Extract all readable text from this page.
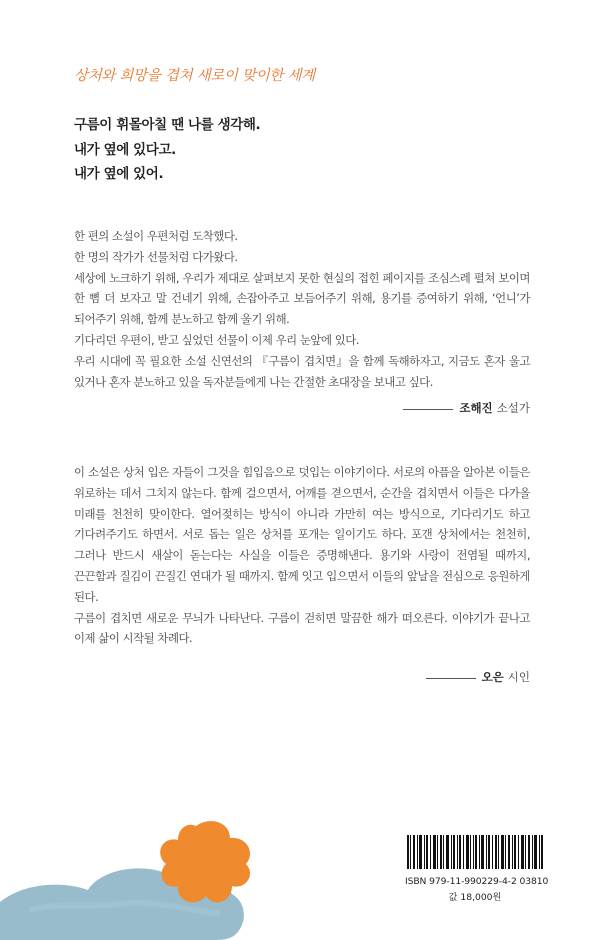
상처와 희망을 겹쳐 새로이 맞이한 세계
구름이 휘몰아칠 땐 나를 생각해.
내가 옆에 있다고.
내가 옆에 있어.

한 편의 소설이 우편처럼 도착했다.

한 명의 작가가 선물처럼 다가왔다.

세상에 노크하기 위해, 우리가 제대로 살펴보지 못한 현실의 접힌 페이지를 조심스레 펼쳐 보이며 한 뼘 더 보자고 말 건네기 위해, 손잡아주고 보듬어주기 위해, 용기를 증여하기 위해, ‘언니’가 되어주기 위해, 함께 분노하고 함께 울기 위해.

기다리던 우편이, 받고 싶었던 선물이 이제 우리 눈앞에 있다.

우리 시대에 꼭 필요한 소설 신연선의 『구름이 겹치면』을 함께 독해하자고, 지금도 혼자 울고 있거나 혼자 분노하고 있을 독자분들에게 나는 간절한 초대장을 보내고 싶다.

조해진 소설가

이 소설은 상처 입은 자들이 그것을 힘입음으로 덧입는 이야기이다. 서로의 아픔을 알아본 이들은 위로하는 데서 그치지 않는다. 함께 걸으면서, 어깨를 겯으면서, 순간을 겹치면서 이들은 다가올 미래를 천천히 맞이한다. 열어젖히는 방식이 아니라 가만히 여는 방식으로, 기다리기도 하고 기다려주기도 하면서. 서로 돕는 일은 상처를 포개는 일이기도 하다. 포갠 상처에서는 천천히, 그러나 반드시 새살이 돋는다는 사실을 이들은 증명해낸다. 용기와 사랑이 전염될 때까지, 끈끈함과 질김이 끈질긴 연대가 될 때까지. 함께 잇고 입으면서 이들의 앞날을 전심으로 응원하게 된다.

구름이 겹치면 새로운 무늬가 나타난다. 구름이 걷히면 말끔한 해가 떠오른다. 이야기가 끝나고 이제 삶이 시작될 차례다.

오은 시인
ISBN 979-11-990229-4-2 03810
값 18,000원
